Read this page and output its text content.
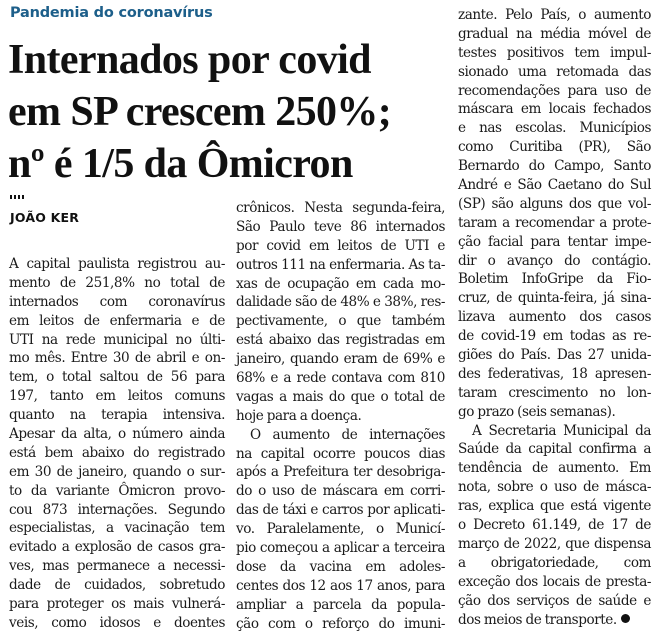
Pandemia do coronavírus
Internados por covid
em SP crescem 250%;
nº é 1/5 da Ômicron
JOÃO KER
A capital paulista registrou au-
mento de 251,8% no total de
internados com coronavírus
em leitos de enfermaria e de
UTI na rede municipal no últi-
mo mês. Entre 30 de abril e on-
tem, o total saltou de 56 para
197, tanto em leitos comuns
quanto na terapia intensiva.
Apesar da alta, o número ainda
está bem abaixo do registrado
em 30 de janeiro, quando o sur-
to da variante Ômicron provo-
cou 873 internações. Segundo
especialistas, a vacinação tem
evitado a explosão de casos gra-
ves, mas permanece a necessi-
dade de cuidados, sobretudo
para proteger os mais vulnerá-
veis, como idosos e doentes
crônicos. Nesta segunda-feira,
São Paulo teve 86 internados
por covid em leitos de UTI e
outros 111 na enfermaria. As ta-
xas de ocupação em cada mo-
dalidade são de 48% e 38%, res-
pectivamente, o que também
está abaixo das registradas em
janeiro, quando eram de 69% e
68% e a rede contava com 810
vagas a mais do que o total de
hoje para a doença.
O aumento de internações
na capital ocorre poucos dias
após a Prefeitura ter desobriga-
do o uso de máscara em corri-
das de táxi e carros por aplicati-
vo. Paralelamente, o Municí-
pio começou a aplicar a terceira
dose da vacina em adoles-
centes dos 12 aos 17 anos, para
ampliar a parcela da popula-
ção com o reforço do imuni-
zante. Pelo País, o aumento
gradual na média móvel de
testes positivos tem impul-
sionado uma retomada das
recomendações para uso de
máscara em locais fechados
e nas escolas. Municípios
como Curitiba (PR), São
Bernardo do Campo, Santo
André e São Caetano do Sul
(SP) são alguns dos que vol-
taram a recomendar a prote-
ção facial para tentar impe-
dir o avanço do contágio.
Boletim InfoGripe da Fio-
cruz, de quinta-feira, já sina-
lizava aumento dos casos
de covid-19 em todas as re-
giões do País. Das 27 unida-
des federativas, 18 apresen-
taram crescimento no lon-
go prazo (seis semanas).
A Secretaria Municipal da
Saúde da capital confirma a
tendência de aumento. Em
nota, sobre o uso de másca-
ras, explica que está vigente
o Decreto 61.149, de 17 de
março de 2022, que dispensa
a obrigatoriedade, com
exceção dos locais de presta-
ção dos serviços de saúde e
dos meios de transporte.
